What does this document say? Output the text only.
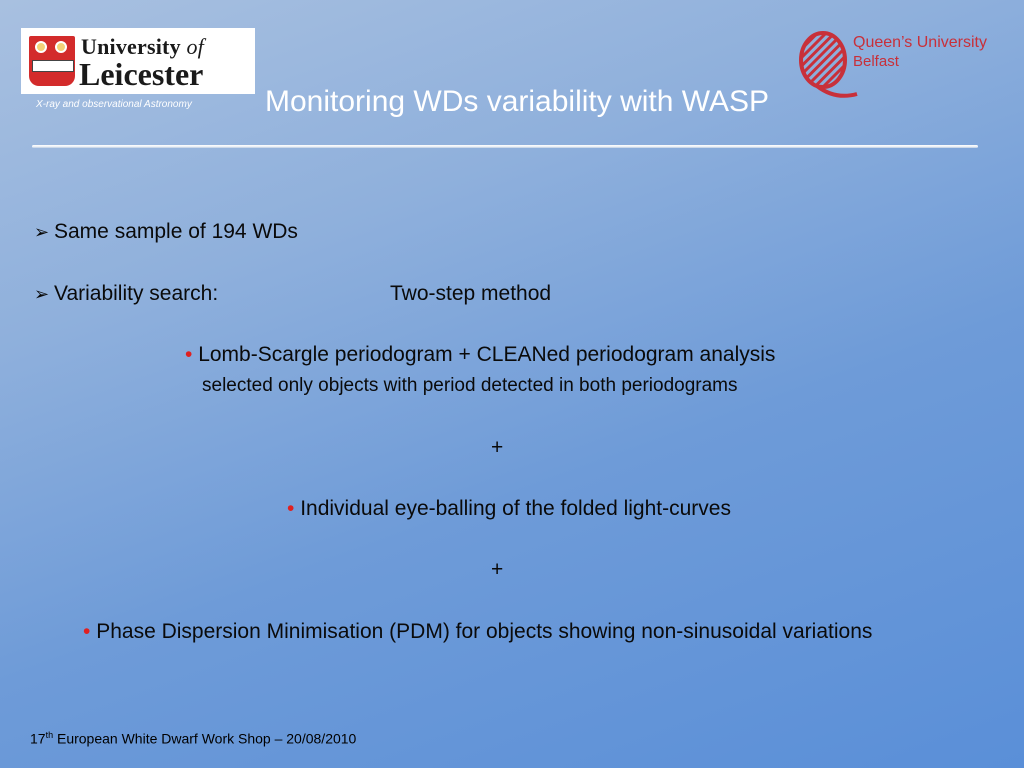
University of
Leicester
X-ray and observational Astronomy Monitoring WDs variability with WASP
Queen’s University
Belfast
➢ Same sample of 194 WDs
➢ Variability search:	Two-step method
• Lomb-Scargle periodogram + CLEANed periodogram analysis
selected only objects with period detected in both periodograms
+
• Individual eye-balling of the folded light-curves
+
• Phase Dispersion Minimisation (PDM) for objects showing non-sinusoidal variations
17th European White Dwarf Work Shop – 20/08/2010
